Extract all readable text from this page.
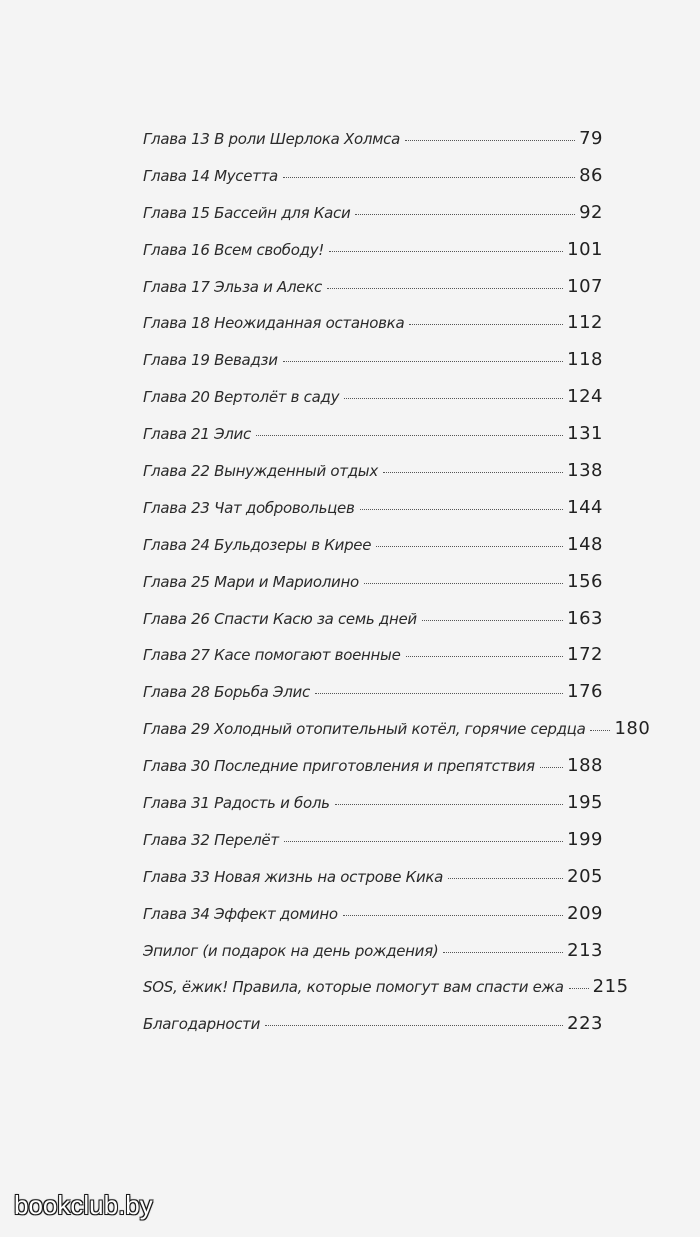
Глава 13 В роли Шерлока Холмса	79
Глава 14 Мусетта	86
Глава 15 Бассейн для Каси	92
Глава 16 Всем свободу!	101
Глава 17 Эльза и Алекс	107
Глава 18 Неожиданная остановка	112
Глава 19 Вевадзи	118
Глава 20 Вертолёт в саду	124
Глава 21 Элис	131
Глава 22 Вынужденный отдых	138
Глава 23 Чат добровольцев	144
Глава 24 Бульдозеры в Кирее	148
Глава 25 Мари и Мариолино	156
Глава 26 Спасти Касю за семь дней	163
Глава 27 Касе помогают военные	172
Глава 28 Борьба Элис	176
Глава 29 Холодный отопительный котёл, горячие сердца 180
Глава 30 Последние приготовления и препятствия 188
Глава 31 Радость и боль	195
Глава 32 Перелёт	199
Глава 33 Новая жизнь на острове Кика	205
Глава 34 Эффект домино	209
Эпилог (и подарок на день рождения)	213
SOS, ёжик! Правила, которые помогут вам спасти ежа 215
Благодарности	223
bookclub.by
